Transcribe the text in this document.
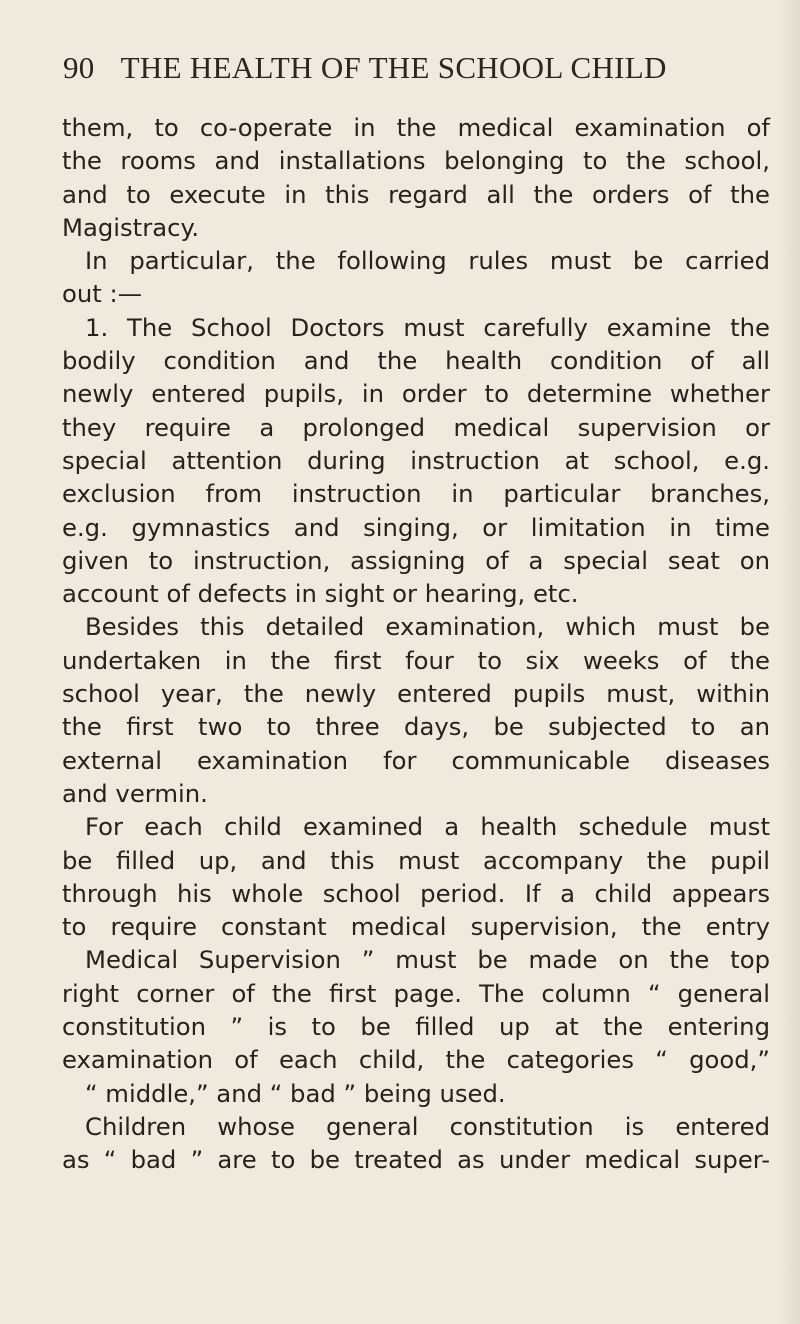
90 THE HEALTH OF THE SCHOOL CHILD
them, to co-operate in the medical examination of
the rooms and installations belonging to the school,
and to execute in this regard all the orders of the
Magistracy.
In particular, the following rules must be carried
out :—
1. The School Doctors must carefully examine the
bodily condition and the health condition of all
newly entered pupils, in order to determine whether
they require a prolonged medical supervision or
special attention during instruction at school, e.g.
exclusion from instruction in particular branches,
e.g. gymnastics and singing, or limitation in time
given to instruction, assigning of a special seat on
account of defects in sight or hearing, etc.
Besides this detailed examination, which must be
undertaken in the first four to six weeks of the
school year, the newly entered pupils must, within
the first two to three days, be subjected to an
external examination for communicable diseases
and vermin.
For each child examined a health schedule must
be filled up, and this must accompany the pupil
through his whole school period. If a child appears
to require constant medical supervision, the entry
Medical Supervision ” must be made on the top
right corner of the first page. The column “ general
constitution ” is to be filled up at the entering
examination of each child, the categories “ good,”
“ middle,” and “ bad ” being used.
Children whose general constitution is entered
as “ bad ” are to be treated as under medical super-
